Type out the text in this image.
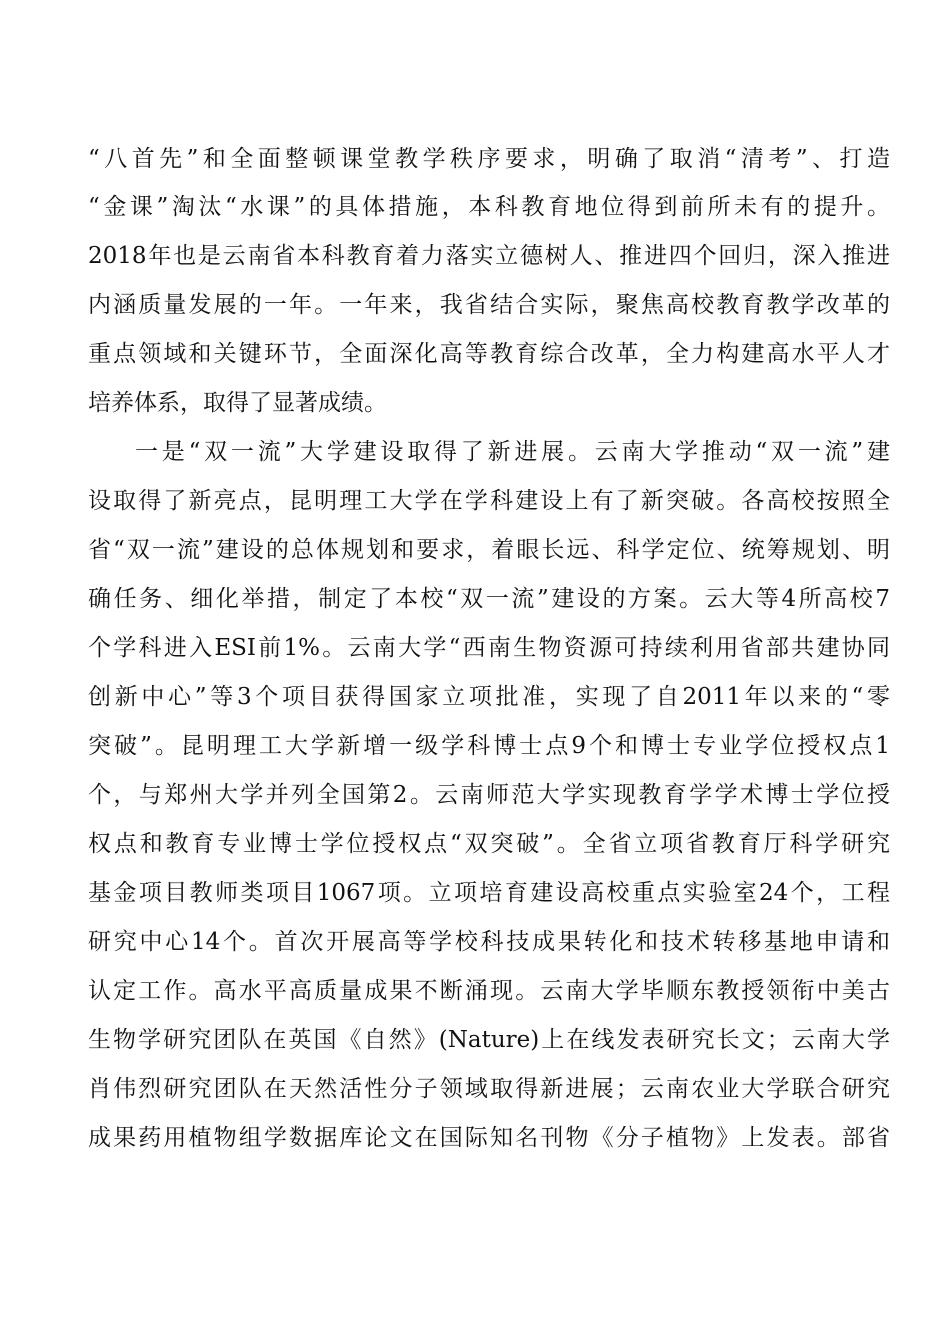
“八首先”和全面整顿课堂教学秩序要求，明确了取消“清考”、打造
“金课”淘汰“水课”的具体措施，本科教育地位得到前所未有的提升。
2018年也是云南省本科教育着力落实立德树人、推进四个回归，深入推进
内涵质量发展的一年。一年来，我省结合实际，聚焦高校教育教学改革的
重点领域和关键环节，全面深化高等教育综合改革，全力构建高水平人才
培养体系，取得了显著成绩。
一是“双一流”大学建设取得了新进展。云南大学推动“双一流”建
设取得了新亮点，昆明理工大学在学科建设上有了新突破。各高校按照全
省“双一流”建设的总体规划和要求，着眼长远、科学定位、统筹规划、明
确任务、细化举措，制定了本校“双一流”建设的方案。云大等4所高校7
个学科进入ESI前1%。云南大学“西南生物资源可持续利用省部共建协同
创新中心”等3个项目获得国家立项批准，实现了自2011年以来的“零
突破”。昆明理工大学新增一级学科博士点9个和博士专业学位授权点1
个，与郑州大学并列全国第2。云南师范大学实现教育学学术博士学位授
权点和教育专业博士学位授权点“双突破”。全省立项省教育厅科学研究
基金项目教师类项目1067项。立项培育建设高校重点实验室24个，工程
研究中心14个。首次开展高等学校科技成果转化和技术转移基地申请和
认定工作。高水平高质量成果不断涌现。云南大学毕顺东教授领衔中美古
生物学研究团队在英国《自然》(Nature)上在线发表研究长文；云南大学
肖伟烈研究团队在天然活性分子领域取得新进展；云南农业大学联合研究
成果药用植物组学数据库论文在国际知名刊物《分子植物》上发表。部省
